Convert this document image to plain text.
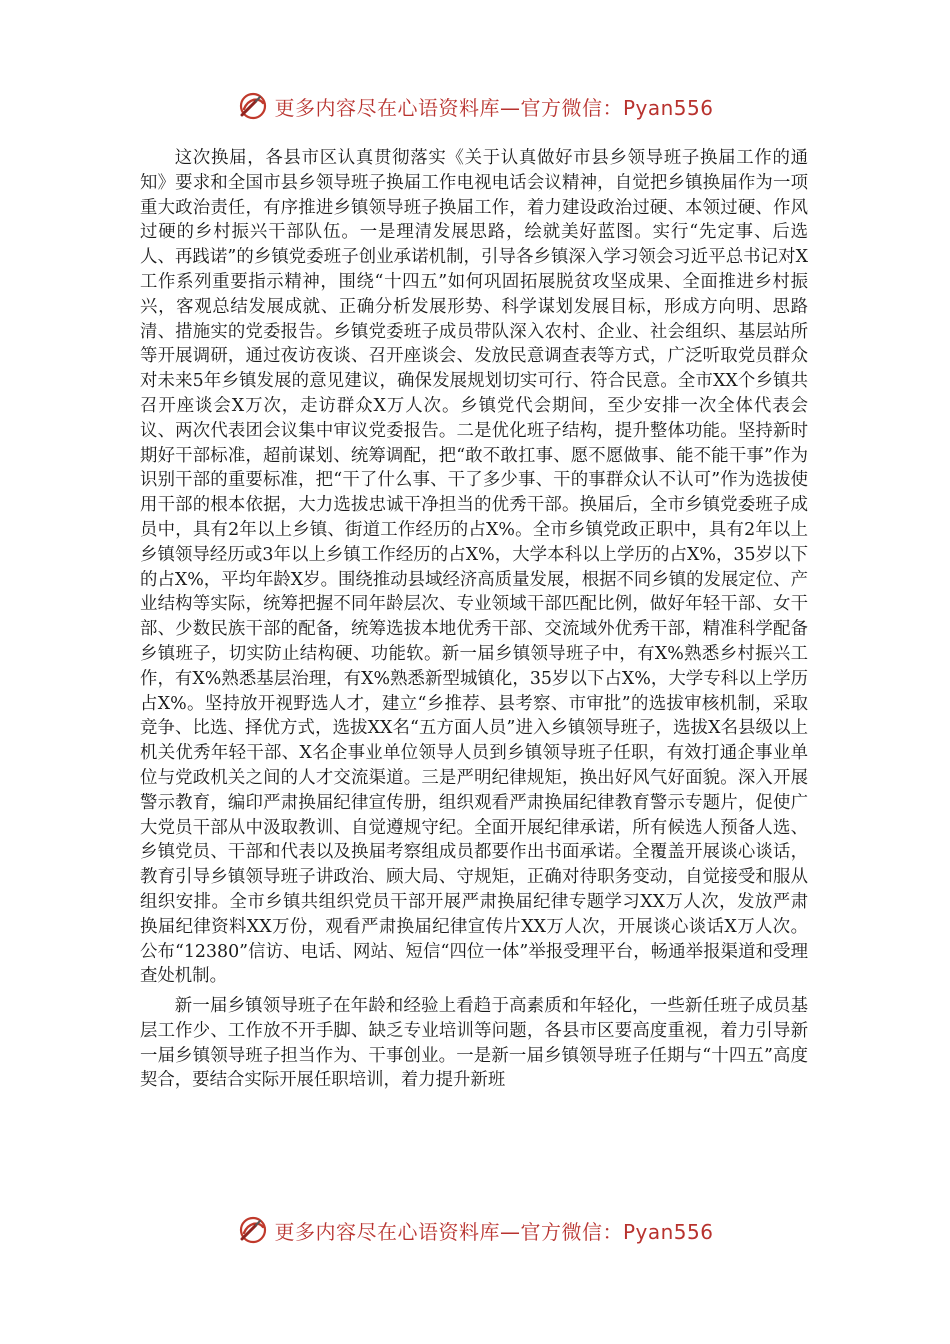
更多内容尽在心语资料库—官方微信：Pyan556

这次换届，各县市区认真贯彻落实《关于认真做好市县乡领导班子换届工作的通知》要求和全国市县乡领导班子换届工作电视电话会议精神，自觉把乡镇换届作为一项重大政治责任，有序推进乡镇领导班子换届工作，着力建设政治过硬、本领过硬、作风过硬的乡村振兴干部队伍。一是理清发展思路，绘就美好蓝图。实行“先定事、后选人、再践诺”的乡镇党委班子创业承诺机制，引导各乡镇深入学习领会习近平总书记对X工作系列重要指示精神，围绕“十四五”如何巩固拓展脱贫攻坚成果、全面推进乡村振兴，客观总结发展成就、正确分析发展形势、科学谋划发展目标，形成方向明、思路清、措施实的党委报告。乡镇党委班子成员带队深入农村、企业、社会组织、基层站所等开展调研，通过夜访夜谈、召开座谈会、发放民意调查表等方式，广泛听取党员群众对未来5年乡镇发展的意见建议，确保发展规划切实可行、符合民意。全市XX个乡镇共召开座谈会X万次，走访群众X万人次。乡镇党代会期间，至少安排一次全体代表会议、两次代表团会议集中审议党委报告。二是优化班子结构，提升整体功能。坚持新时期好干部标准，超前谋划、统筹调配，把“敢不敢扛事、愿不愿做事、能不能干事”作为识别干部的重要标准，把“干了什么事、干了多少事、干的事群众认不认可”作为选拔使用干部的根本依据，大力选拔忠诚干净担当的优秀干部。换届后，全市乡镇党委班子成员中，具有2年以上乡镇、街道工作经历的占X%。全市乡镇党政正职中，具有2年以上乡镇领导经历或3年以上乡镇工作经历的占X%，大学本科以上学历的占X%，35岁以下的占X%，平均年龄X岁。围绕推动县域经济高质量发展，根据不同乡镇的发展定位、产业结构等实际，统筹把握不同年龄层次、专业领域干部匹配比例，做好年轻干部、女干部、少数民族干部的配备，统筹选拔本地优秀干部、交流域外优秀干部，精准科学配备乡镇班子，切实防止结构硬、功能软。新一届乡镇领导班子中，有X%熟悉乡村振兴工作，有X%熟悉基层治理，有X%熟悉新型城镇化，35岁以下占X%，大学专科以上学历占X%。坚持放开视野选人才，建立“乡推荐、县考察、市审批”的选拔审核机制，采取竞争、比选、择优方式，选拔XX名“五方面人员”进入乡镇领导班子，选拔X名县级以上机关优秀年轻干部、X名企事业单位领导人员到乡镇领导班子任职，有效打通企事业单位与党政机关之间的人才交流渠道。三是严明纪律规矩，换出好风气好面貌。深入开展警示教育，编印严肃换届纪律宣传册，组织观看严肃换届纪律教育警示专题片，促使广大党员干部从中汲取教训、自觉遵规守纪。全面开展纪律承诺，所有候选人预备人选、乡镇党员、干部和代表以及换届考察组成员都要作出书面承诺。全覆盖开展谈心谈话，教育引导乡镇领导班子讲政治、顾大局、守规矩，正确对待职务变动，自觉接受和服从组织安排。全市乡镇共组织党员干部开展严肃换届纪律专题学习XX万人次，发放严肃换届纪律资料XX万份，观看严肃换届纪律宣传片XX万人次，开展谈心谈话X万人次。公布“12380”信访、电话、网站、短信“四位一体”举报受理平台，畅通举报渠道和受理查处机制。

新一届乡镇领导班子在年龄和经验上看趋于高素质和年轻化，一些新任班子成员基层工作少、工作放不开手脚、缺乏专业培训等问题，各县市区要高度重视，着力引导新一届乡镇领导班子担当作为、干事创业。一是新一届乡镇领导班子任期与“十四五”高度契合，要结合实际开展任职培训，着力提升新班

更多内容尽在心语资料库—官方微信：Pyan556
